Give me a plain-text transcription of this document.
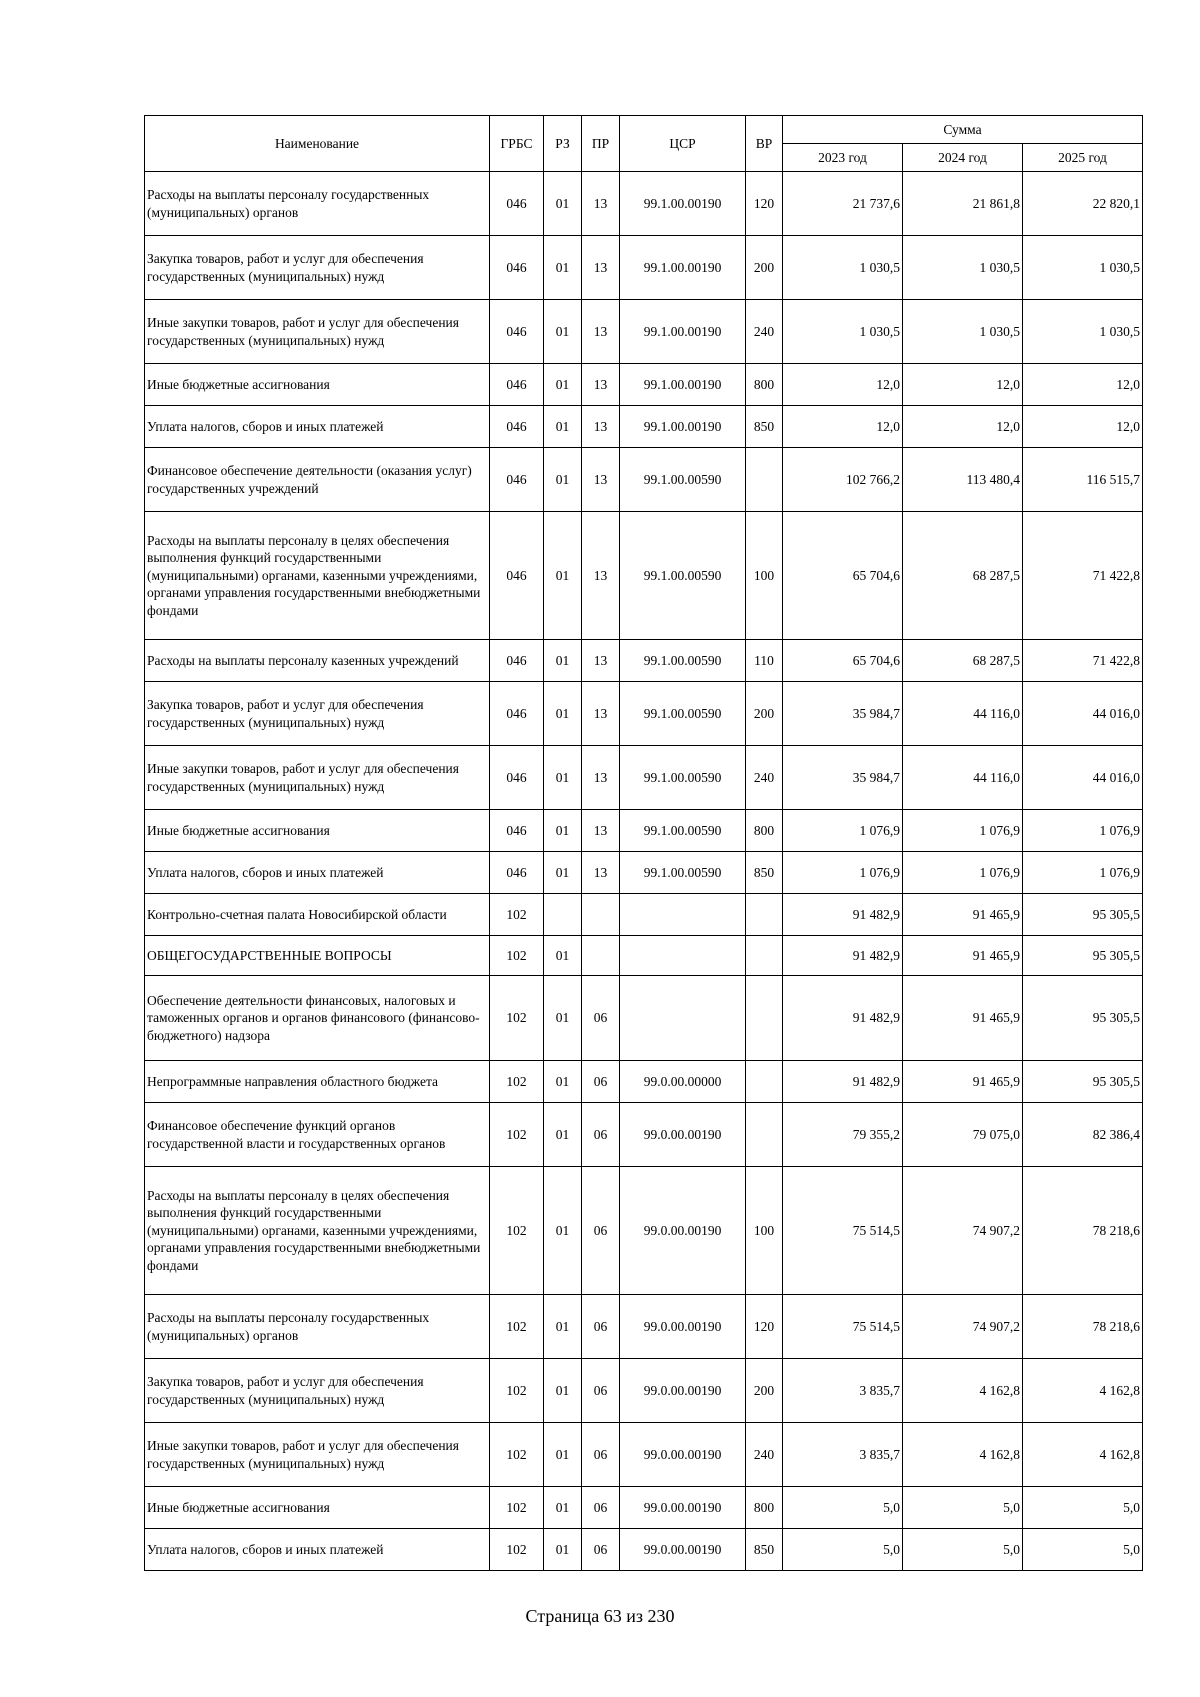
Наименование	ГРБС	РЗ	ПР	ЦСР	ВР	Сумма		
						2023 год	2024 год	2025 год
Расходы на выплаты персоналу государственных (муниципальных) органов	046	01	13	99.1.00.00190	120	21 737,6	21 861,8	22 820,1
Закупка товаров, работ и услуг для обеспечения государственных (муниципальных) нужд	046	01	13	99.1.00.00190	200	1 030,5	1 030,5	1 030,5
Иные закупки товаров, работ и услуг для обеспечения государственных (муниципальных) нужд	046	01	13	99.1.00.00190	240	1 030,5	1 030,5	1 030,5
Иные бюджетные ассигнования	046	01	13	99.1.00.00190	800	12,0	12,0	12,0
Уплата налогов, сборов и иных платежей	046	01	13	99.1.00.00190	850	12,0	12,0	12,0
Финансовое обеспечение деятельности (оказания услуг) государственных учреждений	046	01	13	99.1.00.00590		102 766,2	113 480,4	116 515,7
Расходы на выплаты персоналу в целях обеспечения выполнения функций государственными (муниципальными) органами, казенными учреждениями, органами управления государственными внебюджетными фондами	046	01	13	99.1.00.00590	100	65 704,6	68 287,5	71 422,8
Расходы на выплаты персоналу казенных учреждений	046	01	13	99.1.00.00590	110	65 704,6	68 287,5	71 422,8
Закупка товаров, работ и услуг для обеспечения государственных (муниципальных) нужд	046	01	13	99.1.00.00590	200	35 984,7	44 116,0	44 016,0
Иные закупки товаров, работ и услуг для обеспечения государственных (муниципальных) нужд	046	01	13	99.1.00.00590	240	35 984,7	44 116,0	44 016,0
Иные бюджетные ассигнования	046	01	13	99.1.00.00590	800	1 076,9	1 076,9	1 076,9
Уплата налогов, сборов и иных платежей	046	01	13	99.1.00.00590	850	1 076,9	1 076,9	1 076,9
Контрольно-счетная палата Новосибирской области	102					91 482,9	91 465,9	95 305,5
ОБЩЕГОСУДАРСТВЕННЫЕ ВОПРОСЫ	102	01				91 482,9	91 465,9	95 305,5
Обеспечение деятельности финансовых, налоговых и таможенных органов и органов финансового (финансово-бюджетного) надзора	102	01	06			91 482,9	91 465,9	95 305,5
Непрограммные направления областного бюджета	102	01	06	99.0.00.00000		91 482,9	91 465,9	95 305,5
Финансовое обеспечение функций органов государственной власти и государственных органов	102	01	06	99.0.00.00190		79 355,2	79 075,0	82 386,4
Расходы на выплаты персоналу в целях обеспечения выполнения функций государственными (муниципальными) органами, казенными учреждениями, органами управления государственными внебюджетными фондами	102	01	06	99.0.00.00190	100	75 514,5	74 907,2	78 218,6
Расходы на выплаты персоналу государственных (муниципальных) органов	102	01	06	99.0.00.00190	120	75 514,5	74 907,2	78 218,6
Закупка товаров, работ и услуг для обеспечения государственных (муниципальных) нужд	102	01	06	99.0.00.00190	200	3 835,7	4 162,8	4 162,8
Иные закупки товаров, работ и услуг для обеспечения государственных (муниципальных) нужд	102	01	06	99.0.00.00190	240	3 835,7	4 162,8	4 162,8
Иные бюджетные ассигнования	102	01	06	99.0.00.00190	800	5,0	5,0	5,0
Уплата налогов, сборов и иных платежей	102	01	06	99.0.00.00190	850	5,0	5,0	5,0
Страница 63 из 230
